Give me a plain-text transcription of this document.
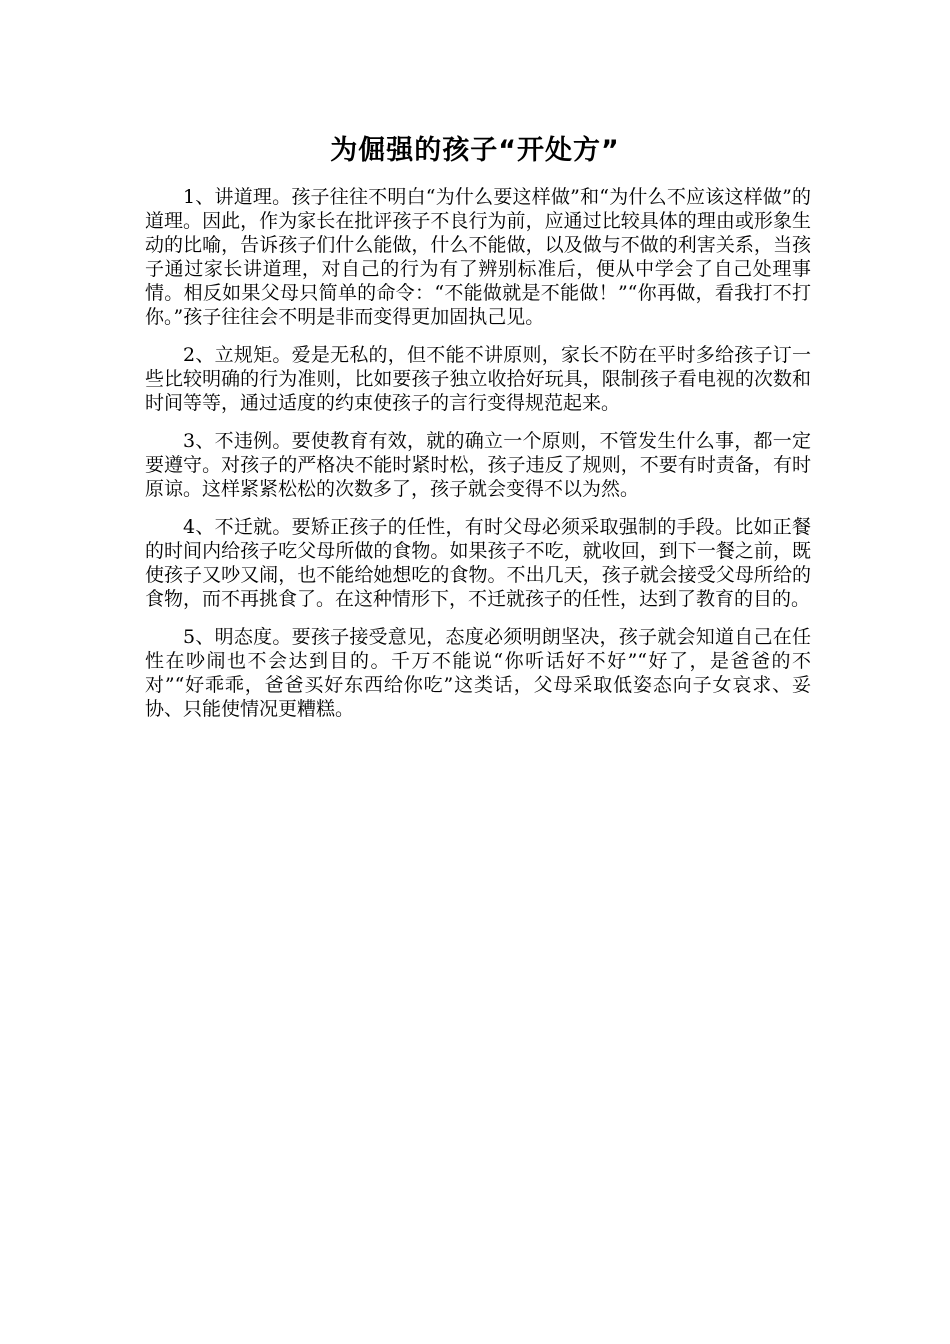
为倔强的孩子“开处方”

1、讲道理。孩子往往不明白“为什么要这样做”和“为什么不应该这样做”的道理。因此，作为家长在批评孩子不良行为前，应通过比较具体的理由或形象生动的比喻，告诉孩子们什么能做，什么不能做，以及做与不做的利害关系，当孩子通过家长讲道理，对自己的行为有了辨别标准后，便从中学会了自己处理事情。相反如果父母只简单的命令：“不能做就是不能做！”“你再做，看我打不打你。”孩子往往会不明是非而变得更加固执己见。

2、立规矩。爱是无私的，但不能不讲原则，家长不防在平时多给孩子订一些比较明确的行为准则，比如要孩子独立收拾好玩具，限制孩子看电视的次数和时间等等，通过适度的约束使孩子的言行变得规范起来。

3、不违例。要使教育有效，就的确立一个原则，不管发生什么事，都一定要遵守。对孩子的严格决不能时紧时松，孩子违反了规则，不要有时责备，有时原谅。这样紧紧松松的次数多了，孩子就会变得不以为然。

4、不迁就。要矫正孩子的任性，有时父母必须采取强制的手段。比如正餐的时间内给孩子吃父母所做的食物。如果孩子不吃，就收回，到下一餐之前，既使孩子又吵又闹，也不能给她想吃的食物。不出几天，孩子就会接受父母所给的食物，而不再挑食了。在这种情形下，不迁就孩子的任性，达到了教育的目的。

5、明态度。要孩子接受意见，态度必须明朗坚决，孩子就会知道自己在任性在吵闹也不会达到目的。千万不能说“你听话好不好”“好了，是爸爸的不对”“好乖乖，爸爸买好东西给你吃”这类话，父母采取低姿态向子女哀求、妥协、只能使情况更糟糕。
